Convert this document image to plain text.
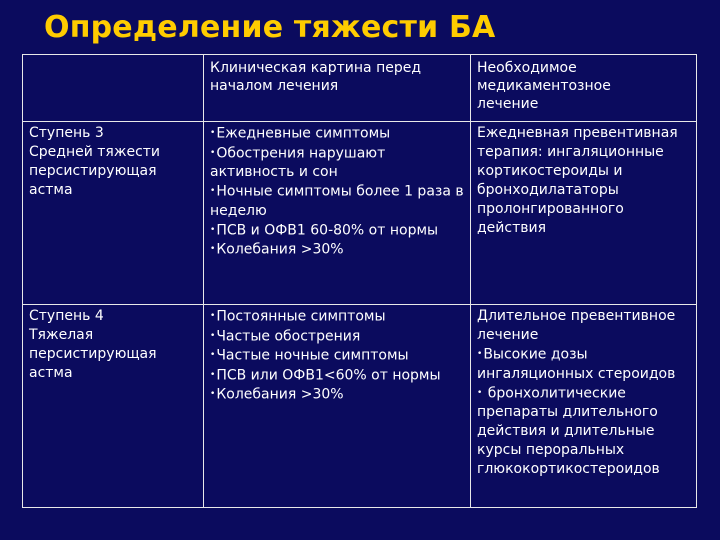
Определение тяжести БА

	Клиническая картина перед
началом лечения	Необходимое
медикаментозное
лечение

Ступень 3
Средней тяжести
персистирующая
астма	•Ежедневные симптомы
•Обострения нарушают активность и сон
•Ночные симптомы более 1 раза в неделю
•ПСВ и ОФВ1 60-80% от нормы
•Колебания >30%	Ежедневная превентивная терапия: ингаляционные кортикостероиды и бронходилататоры пролонгированного действия

Ступень 4
Тяжелая
персистирующая
астма	•Постоянные симптомы
•Частые обострения
•Частые ночные симптомы
•ПСВ или ОФВ1<60% от нормы
•Колебания >30%	Длительное превентивное лечение
•Высокие дозы ингаляционных стероидов
• бронхолитические препараты длительного действия и длительные курсы пероральных глюкокортикостероидов
